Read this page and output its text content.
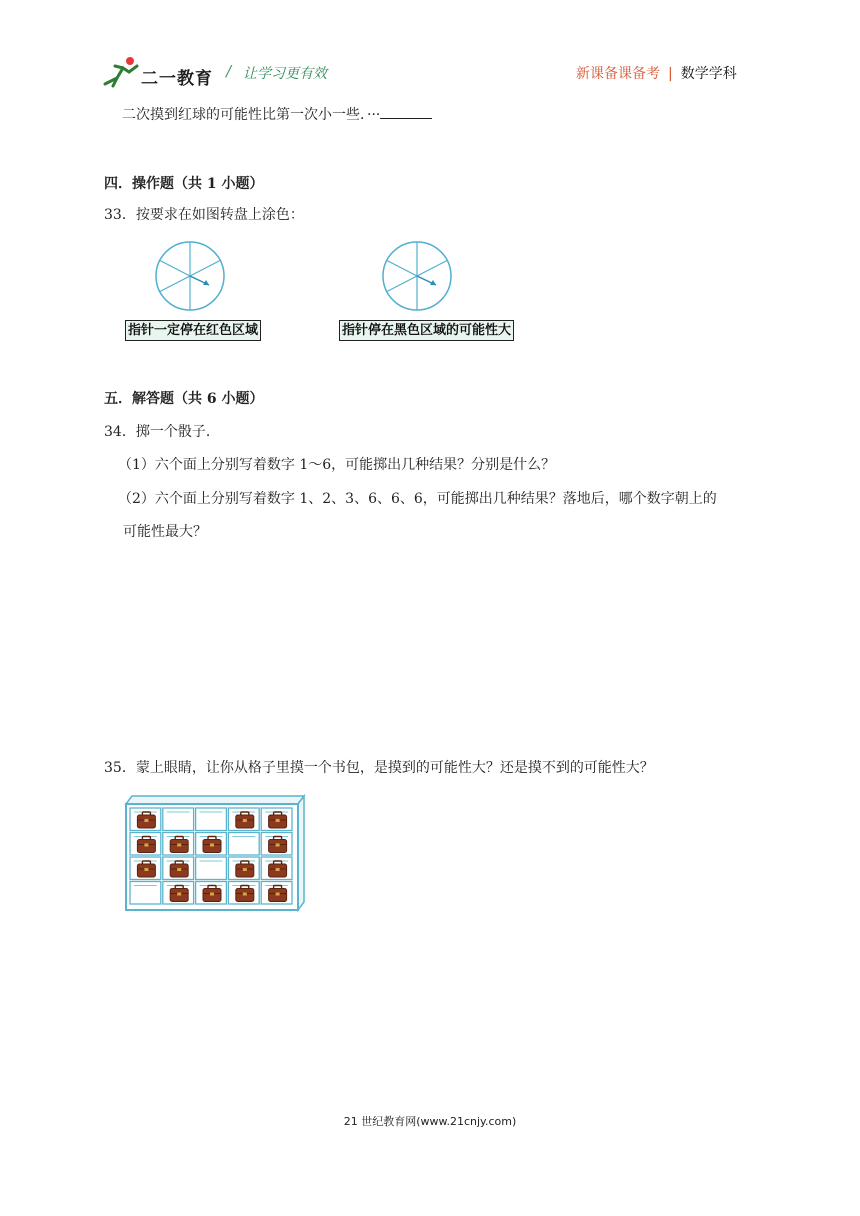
二一教育 / 让学习更有效	新课备课备考 | 数学学科
二次摸到红球的可能性比第一次小一些．···
四．操作题（共 1 小题）
33．按要求在如图转盘上涂色：
指针一定停在红色区域	指针停在黑色区域的可能性大
五．解答题（共 6 小题）
34．掷一个骰子．
（1）六个面上分别写着数字 1～6，可能掷出几种结果？分别是什么？
（2）六个面上分别写着数字 1、2、3、6、6、6，可能掷出几种结果？落地后，哪个数字朝上的
可能性最大？
35．蒙上眼睛，让你从格子里摸一个书包，是摸到的可能性大？还是摸不到的可能性大？
21 世纪教育网(www.21cnjy.com)
